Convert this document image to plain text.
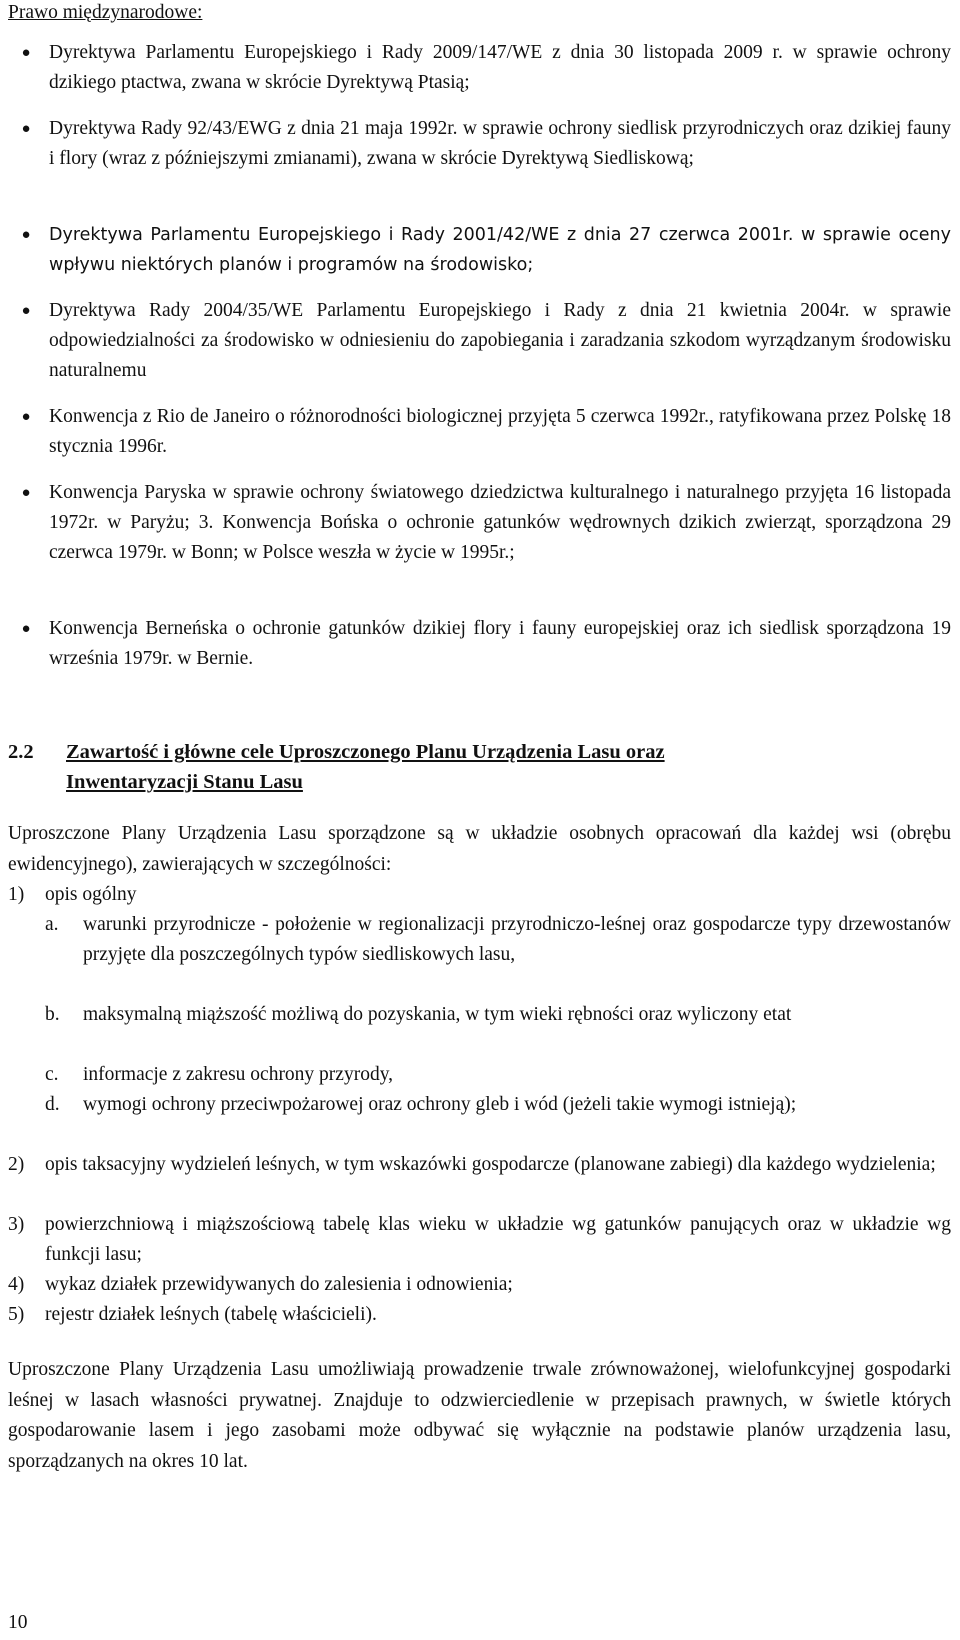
Prawo międzynarodowe:
● Dyrektywa Parlamentu Europejskiego i Rady 2009/147/WE z dnia 30 listopada 2009 r. w sprawie ochrony dzikiego ptactwa, zwana w skrócie Dyrektywą Ptasią;

● Dyrektywa Rady 92/43/EWG z dnia 21 maja 1992r. w sprawie ochrony siedlisk przyrodniczych oraz dzikiej fauny i flory (wraz z późniejszymi zmianami), zwana w skrócie Dyrektywą Siedliskową;

● Dyrektywa Parlamentu Europejskiego i Rady 2001/42/WE z dnia 27 czerwca 2001r. w sprawie oceny wpływu niektórych planów i programów na środowisko;

● Dyrektywa Rady 2004/35/WE Parlamentu Europejskiego i Rady z dnia 21 kwietnia 2004r. w sprawie odpowiedzialności za środowisko w odniesieniu do zapobiegania i zaradzania szkodom wyrządzanym środowisku naturalnemu

● Konwencja z Rio de Janeiro o różnorodności biologicznej przyjęta 5 czerwca 1992r., ratyfikowana przez Polskę 18 stycznia 1996r.

● Konwencja Paryska w sprawie ochrony światowego dziedzictwa kulturalnego i naturalnego przyjęta 16 listopada 1972r. w Paryżu; 3. Konwencja Bońska o ochronie gatunków wędrownych dzikich zwierząt, sporządzona 29 czerwca 1979r. w Bonn; w Polsce weszła w życie w 1995r.;

● Konwencja Berneńska o ochronie gatunków dzikiej flory i fauny europejskiej oraz ich siedlisk sporządzona 19 września 1979r. w Bernie.

2.2 Zawartość i główne cele Uproszczonego Planu Urządzenia Lasu oraz
Inwentaryzacji Stanu Lasu

Uproszczone Plany Urządzenia Lasu sporządzone są w układzie osobnych opracowań dla każdej wsi (obrębu ewidencyjnego), zawierających w szczególności:

1) opis ogólny

a. warunki przyrodnicze - położenie w regionalizacji przyrodniczo-leśnej oraz gospodarcze typy drzewostanów przyjęte dla poszczególnych typów siedliskowych lasu,

b. maksymalną miąższość możliwą do pozyskania, w tym wieki rębności oraz wyliczony etat

c. informacje z zakresu ochrony przyrody,

d. wymogi ochrony przeciwpożarowej oraz ochrony gleb i wód (jeżeli takie wymogi istnieją);

2) opis taksacyjny wydzieleń leśnych, w tym wskazówki gospodarcze (planowane zabiegi) dla każdego wydzielenia;

3) powierzchniową i miąższościową tabelę klas wieku w układzie wg gatunków panujących oraz w układzie wg funkcji lasu;

4) wykaz działek przewidywanych do zalesienia i odnowienia;

5) rejestr działek leśnych (tabelę właścicieli).

Uproszczone Plany Urządzenia Lasu umożliwiają prowadzenie trwale zrównoważonej, wielofunkcyjnej gospodarki leśnej w lasach własności prywatnej. Znajduje to odzwierciedlenie w przepisach prawnych, w świetle których gospodarowanie lasem i jego zasobami może odbywać się wyłącznie na podstawie planów urządzenia lasu, sporządzanych na okres 10 lat.

10
